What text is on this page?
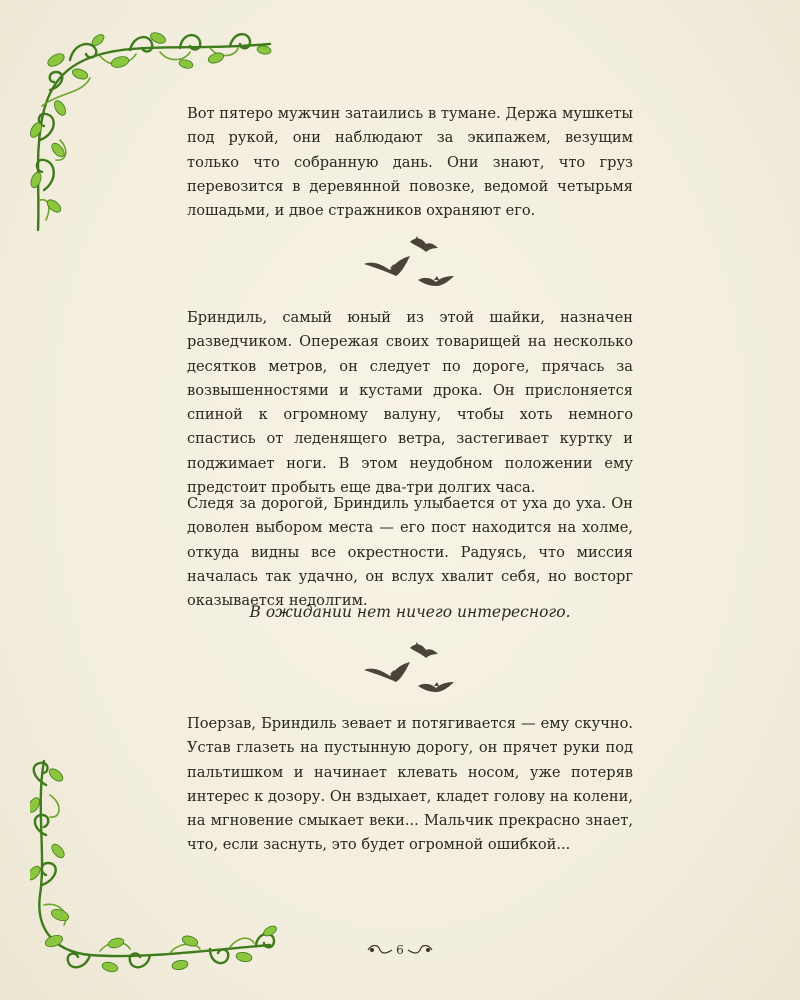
Вот пятеро мужчин затаились в тумане. Держа мушкеты под рукой, они наблюдают за экипажем, везущим только что собранную дань. Они знают, что груз перевозится в деревянной повозке, ведомой четырьмя лошадьми, и двое стражников охраняют его.

Бриндиль, самый юный из этой шайки, назначен разведчиком. Опережая своих товарищей на несколько десятков метров, он следует по дороге, прячась за возвышенностями и кустами дрока. Он прислоняется спиной к огромному валуну, чтобы хоть немного спастись от леденящего ветра, застегивает куртку и поджимает ноги. В этом неудобном положении ему предстоит пробыть еще два-три долгих часа.

Следя за дорогой, Бриндиль улыбается от уха до уха. Он доволен выбором места — его пост находится на холме, откуда видны все окрестности. Радуясь, что миссия началась так удачно, он вслух хвалит себя, но восторг оказывается недолгим.

В ожидании нет ничего интересного.

Поерзав, Бриндиль зевает и потягивается — ему скучно. Устав глазеть на пустынную дорогу, он прячет руки под пальтишком и начинает клевать носом, уже потеряв интерес к дозору. Он вздыхает, кладет голову на колени, на мгновение смыкает веки... Мальчик прекрасно знает, что, если заснуть, это будет огромной ошибкой...

6
